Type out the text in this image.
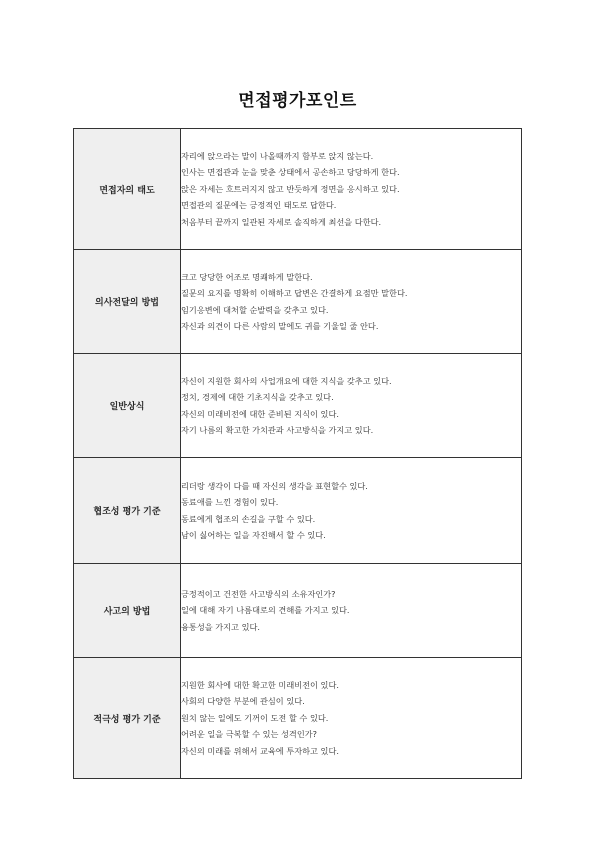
면접평가포인트
면접자의 태도	자리에 앉으라는 말이 나올때까지 함부로 앉지 않는다.
인사는 면접관과 눈을 맞춘 상태에서 공손하고 당당하게 한다.
앉은 자세는 흐트러지지 않고 반듯하게 정면을 응시하고 있다.
면접관의 질문에는 긍정적인 태도로 답한다.
처음부터 끝까지 일관된 자세로 솔직하게 최선을 다한다.

의사전달의 방법	크고 당당한 어조로 명쾌하게 말한다.
질문의 요지를 명확히 이해하고 답변은 간결하게 요점만 말한다.
임기응변에 대처할 순발력을 갖추고 있다.
자신과 의견이 다른 사람의 말에도 귀를 기울일 줄 안다.

일반상식	자신이 지원한 회사의 사업개요에 대한 지식을 갖추고 있다.
정치, 경제에 대한 기초지식을 갖추고 있다.
자신의 미래비전에 대한 준비된 지식이 있다.
자기 나름의 확고한 가치관과 사고방식을 가지고 있다.

협조성 평가 기준	리더랑 생각이 다를 때 자신의 생각을 표현할수 있다.
동료애를 느낀 경험이 있다.
동료에게 협조의 손길을 구할 수 있다.
남이 싫어하는 일을 자진해서 할 수 있다.

사고의 방법	긍정적이고 건전한 사고방식의 소유자인가?
일에 대해 자기 나름대로의 견해를 가지고 있다.
융통성을 가지고 있다.

적극성 평가 기준	지원한 회사에 대한 확고한 미래비전이 있다.
사회의 다양한 부분에 관심이 있다.
원치 않는 일에도 기꺼이 도전 할 수 있다.
어려운 일을 극복할 수 있는 성격인가?
자신의 미래를 위해서 교육에 투자하고 있다.
